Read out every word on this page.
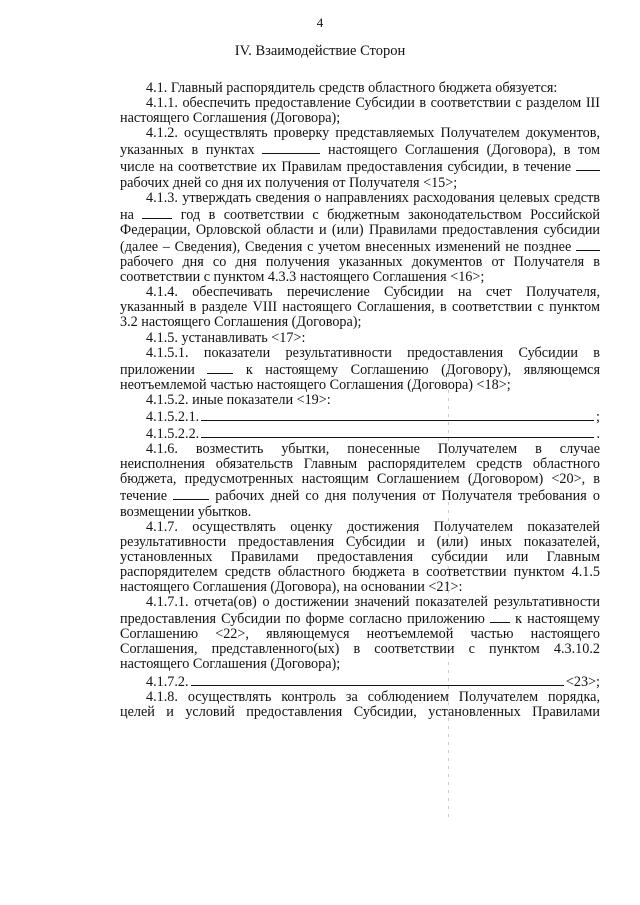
4
IV. Взаимодействие Сторон

4.1. Главный распорядитель средств областного бюджета обязуется:

4.1.1. обеспечить предоставление Субсидии в соответствии с разделом III настоящего Соглашения (Договора);

4.1.2. осуществлять проверку представляемых Получателем документов, указанных в пунктах	настоящего Соглашения (Договора), в том числе на соответствие их Правилам предоставления субсидии, в течение  рабочих дней со дня их получения от Получателя <15>;

4.1.3. утверждать сведения о направлениях расходования целевых средств на  год в соответствии с бюджетным законодательством Российской Федерации, Орловской области и (или) Правилами предоставления субсидии (далее – Сведения), Сведения с учетом внесенных изменений не позднее  рабочего дня со дня получения указанных документов от Получателя в соответствии с пунктом 4.3.3 настоящего Соглашения <16>;

4.1.4. обеспечивать перечисление Субсидии на счет Получателя, указанный в разделе VIII настоящего Соглашения, в соответствии с пунктом 3.2 настоящего Соглашения (Договора);

4.1.5. устанавливать <17>:

4.1.5.1. показатели результативности предоставления Субсидии в приложении  к настоящему Соглашению (Договору), являющемся неотъемлемой частью настоящего Соглашения (Договора) <18>;

4.1.5.2. иные показатели <19>:

4.1.5.2.1.	;
4.1.5.2.2.	.

4.1.6. возместить убытки, понесенные Получателем в случае неисполнения обязательств Главным распорядителем средств областного бюджета, предусмотренных настоящим Соглашением (Договором) <20>, в течение	рабочих дней со дня получения от Получателя требования о возмещении убытков.

4.1.7. осуществлять оценку достижения Получателем показателей результативности предоставления Субсидии и (или) иных показателей, установленных Правилами предоставления субсидии или Главным распорядителем средств областного бюджета в соответствии пунктом 4.1.5 настоящего Соглашения (Договора), на основании <21>:

4.1.7.1. отчета(ов) о достижении значений показателей результативности предоставления Субсидии по форме согласно приложению  к настоящему Соглашению <22>, являющемуся неотъемлемой частью настоящего Соглашения, представленного(ых) в соответствии с пунктом 4.3.10.2 настоящего Соглашения (Договора);

4.1.7.2.	<23>;

4.1.8. осуществлять контроль за соблюдением Получателем порядка, целей и условий предоставления Субсидии, установленных Правилами
